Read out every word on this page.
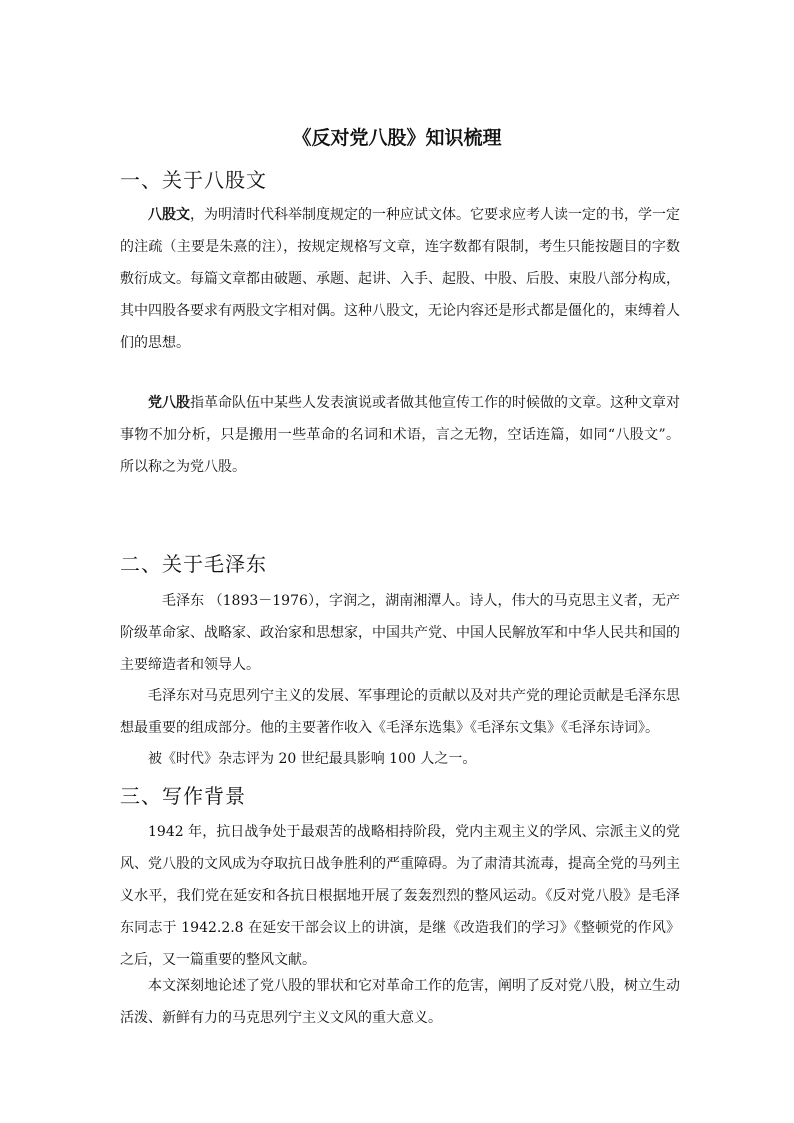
《反对党八股》知识梳理
一、关于八股文

八股文，为明清时代科举制度规定的一种应试文体。它要求应考人读一定的书，学一定的注疏（主要是朱熹的注），按规定规格写文章，连字数都有限制，考生只能按题目的字数敷衍成文。每篇文章都由破题、承题、起讲、入手、起股、中股、后股、束股八部分构成，其中四股各要求有两股文字相对偶。这种八股文，无论内容还是形式都是僵化的，束缚着人们的思想。

党八股指革命队伍中某些人发表演说或者做其他宣传工作的时候做的文章。这种文章对事物不加分析，只是搬用一些革命的名词和术语，言之无物，空话连篇，如同“八股文”。所以称之为党八股。

二、关于毛泽东

毛泽东 （1893－1976），字润之，湖南湘潭人。诗人，伟大的马克思主义者，无产阶级革命家、战略家、政治家和思想家，中国共产党、中国人民解放军和中华人民共和国的主要缔造者和领导人。

毛泽东对马克思列宁主义的发展、军事理论的贡献以及对共产党的理论贡献是毛泽东思想最重要的组成部分。他的主要著作收入《毛泽东选集》《毛泽东文集》《毛泽东诗词》。

被《时代》杂志评为 20 世纪最具影响 100 人之一。

三、写作背景

1942 年，抗日战争处于最艰苦的战略相持阶段，党内主观主义的学风、宗派主义的党风、党八股的文风成为夺取抗日战争胜利的严重障碍。为了肃清其流毒，提高全党的马列主义水平，我们党在延安和各抗日根据地开展了轰轰烈烈的整风运动。《反对党八股》是毛泽东同志于 1942.2.8 在延安干部会议上的讲演，是继《改造我们的学习》《整顿党的作风》之后，又一篇重要的整风文献。

本文深刻地论述了党八股的罪状和它对革命工作的危害，阐明了反对党八股，树立生动活泼、新鲜有力的马克思列宁主义文风的重大意义。
